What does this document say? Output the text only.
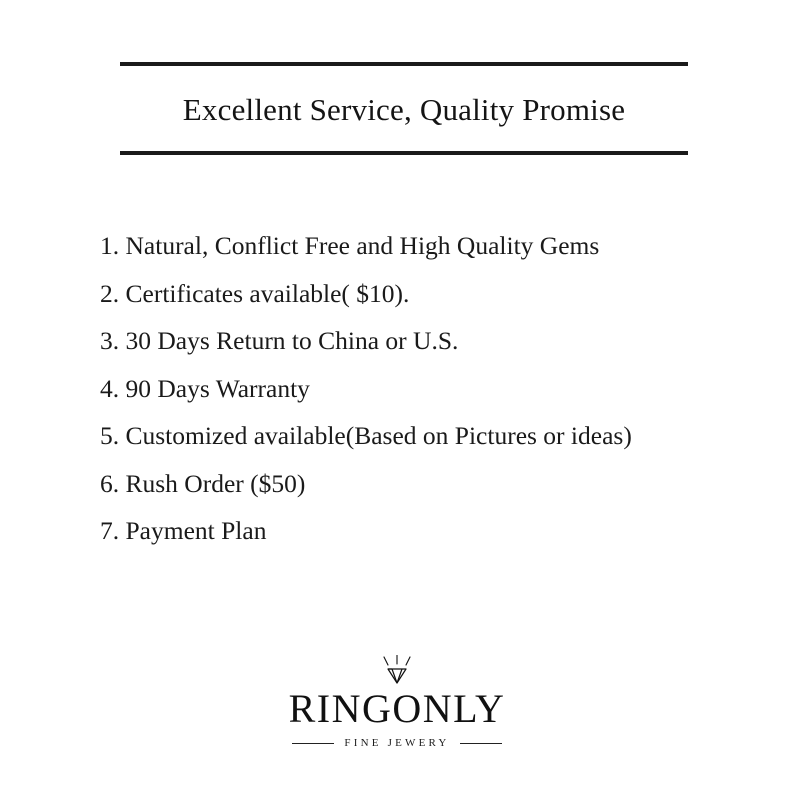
Excellent Service, Quality Promise
1. Natural, Conflict Free and High Quality Gems
2. Certificates available( $10).
3. 30 Days Return to China or U.S.
4. 90 Days Warranty
5. Customized available(Based on Pictures or ideas)
6. Rush Order ($50)
7. Payment Plan
RINGONLY
FINE JEWERY
